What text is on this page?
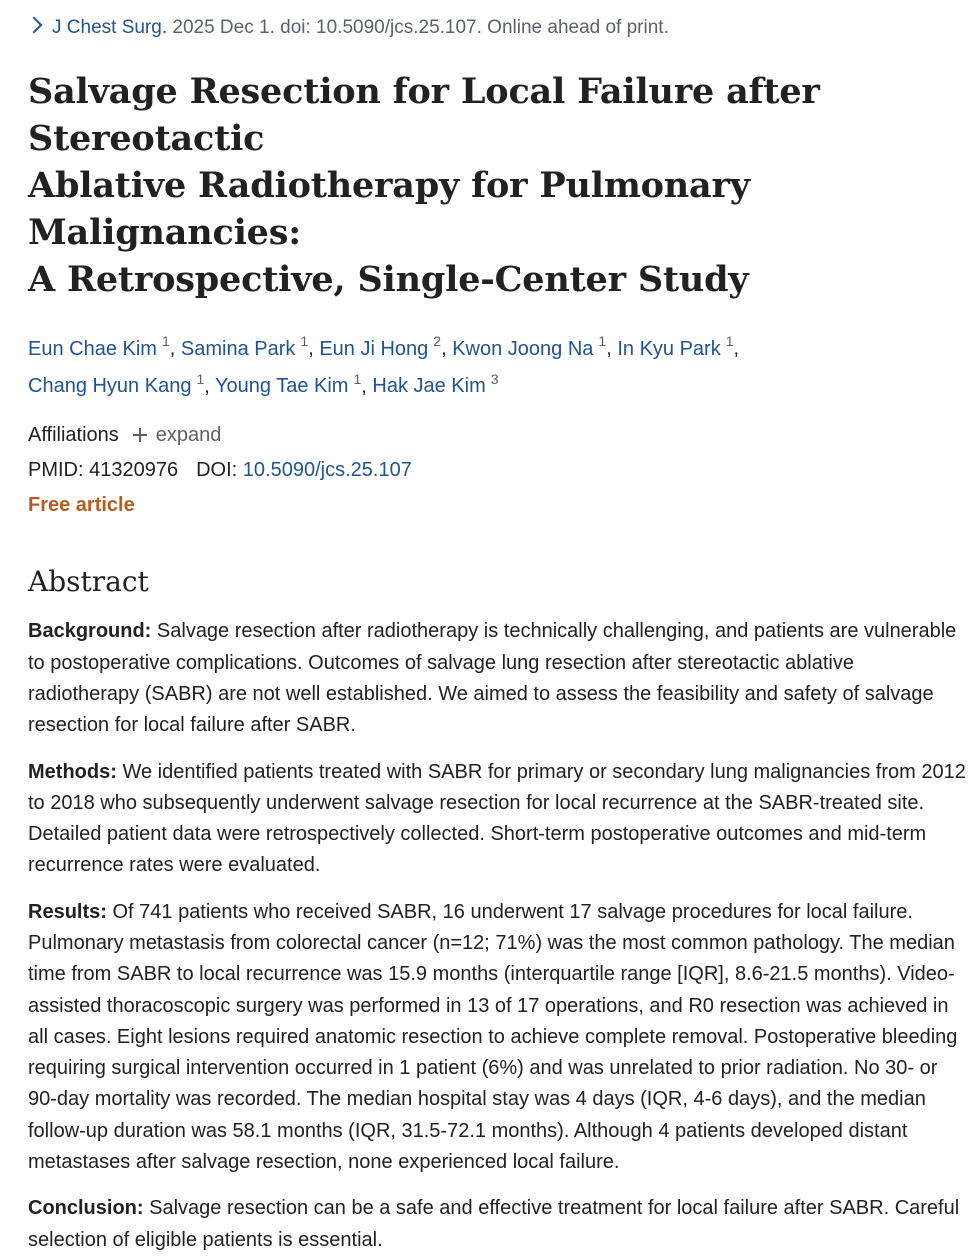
J Chest Surg. 2025 Dec 1. doi: 10.5090/jcs.25.107. Online ahead of print.
Salvage Resection for Local Failure after Stereotactic
Ablative Radiotherapy for Pulmonary Malignancies:
A Retrospective, Single-Center Study
Eun Chae Kim $^1$, Samina Park $^1$, Eun Ji Hong $^2$, Kwon Joong Na $^1$, In Kyu Park $^1$,
Chang Hyun Kang $^1$, Young Tae Kim $^1$, Hak Jae Kim $^3$
Affiliations expand
PMID: 41320976 DOI: 10.5090/jcs.25.107
Free article
Abstract

Background: Salvage resection after radiotherapy is technically challenging, and patients are vulnerable to postoperative complications. Outcomes of salvage lung resection after stereotactic ablative radiotherapy (SABR) are not well established. We aimed to assess the feasibility and safety of salvage resection for local failure after SABR.

Methods: We identified patients treated with SABR for primary or secondary lung malignancies from 2012 to 2018 who subsequently underwent salvage resection for local recurrence at the SABR-treated site. Detailed patient data were retrospectively collected. Short-term postoperative outcomes and mid-term recurrence rates were evaluated.

Results: Of 741 patients who received SABR, 16 underwent 17 salvage procedures for local failure. Pulmonary metastasis from colorectal cancer (n=12; 71%) was the most common pathology. The median time from SABR to local recurrence was 15.9 months (interquartile range [IQR], 8.6-21.5 months). Video-assisted thoracoscopic surgery was performed in 13 of 17 operations, and R0 resection was achieved in all cases. Eight lesions required anatomic resection to achieve complete removal. Postoperative bleeding requiring surgical intervention occurred in 1 patient (6%) and was unrelated to prior radiation. No 30- or 90-day mortality was recorded. The median hospital stay was 4 days (IQR, 4-6 days), and the median follow-up duration was 58.1 months (IQR, 31.5-72.1 months). Although 4 patients developed distant metastases after salvage resection, none experienced local failure.

Conclusion: Salvage resection can be a safe and effective treatment for local failure after SABR. Careful selection of eligible patients is essential.
